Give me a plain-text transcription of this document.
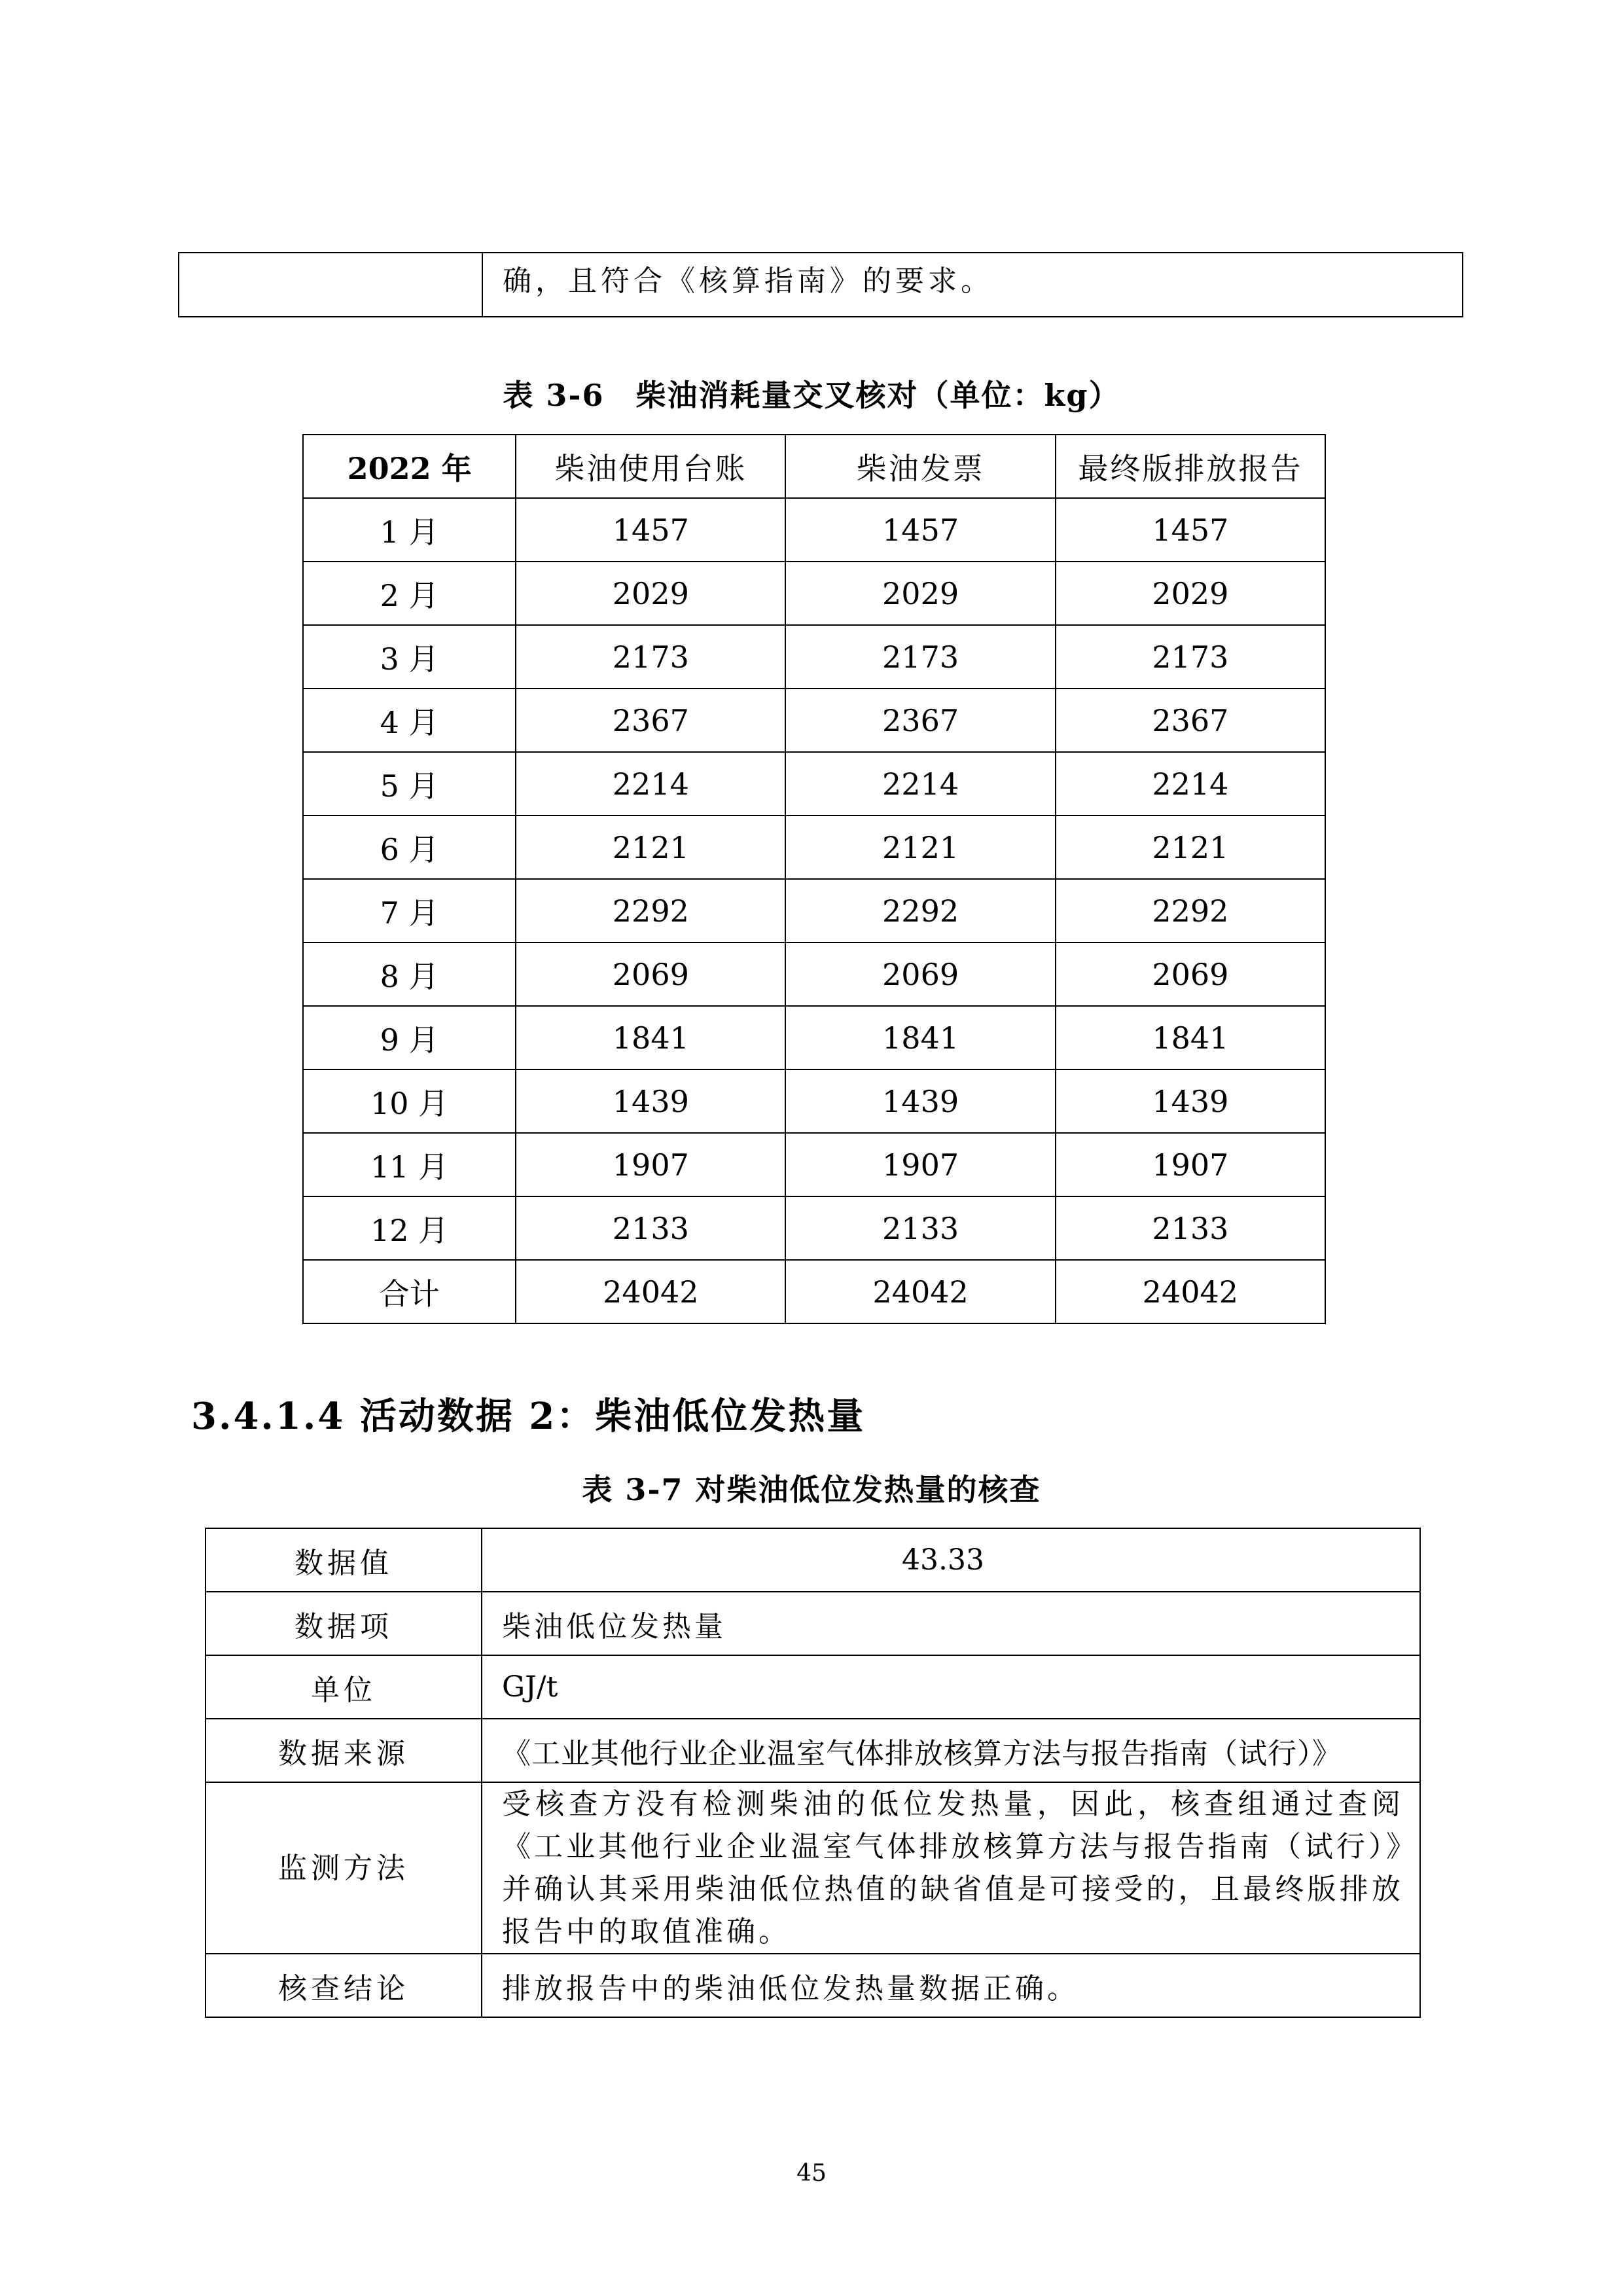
	确，且符合《核算指南》的要求。
表 3-6　柴油消耗量交叉核对（单位：kg）
2022 年	柴油使用台账	柴油发票	最终版排放报告
1 月	1457	1457	1457
2 月	2029	2029	2029
3 月	2173	2173	2173
4 月	2367	2367	2367
5 月	2214	2214	2214
6 月	2121	2121	2121
7 月	2292	2292	2292
8 月	2069	2069	2069
9 月	1841	1841	1841
10 月	1439	1439	1439
11 月	1907	1907	1907
12 月	2133	2133	2133
合计	24042	24042	24042
3.4.1.4 活动数据 2：柴油低位发热量
表 3-7 对柴油低位发热量的核查
数据值	43.33
数据项	柴油低位发热量
单位	GJ/t
数据来源	《工业其他行业企业温室气体排放核算方法与报告指南（试行）》
监测方法	受核查方没有检测柴油的低位发热量，因此，核查组通过查阅《工业其他行业企业温室气体排放核算方法与报告指南（试行）》并确认其采用柴油低位热值的缺省值是可接受的，且最终版排放报告中的取值准确。
核查结论	排放报告中的柴油低位发热量数据正确。
45
